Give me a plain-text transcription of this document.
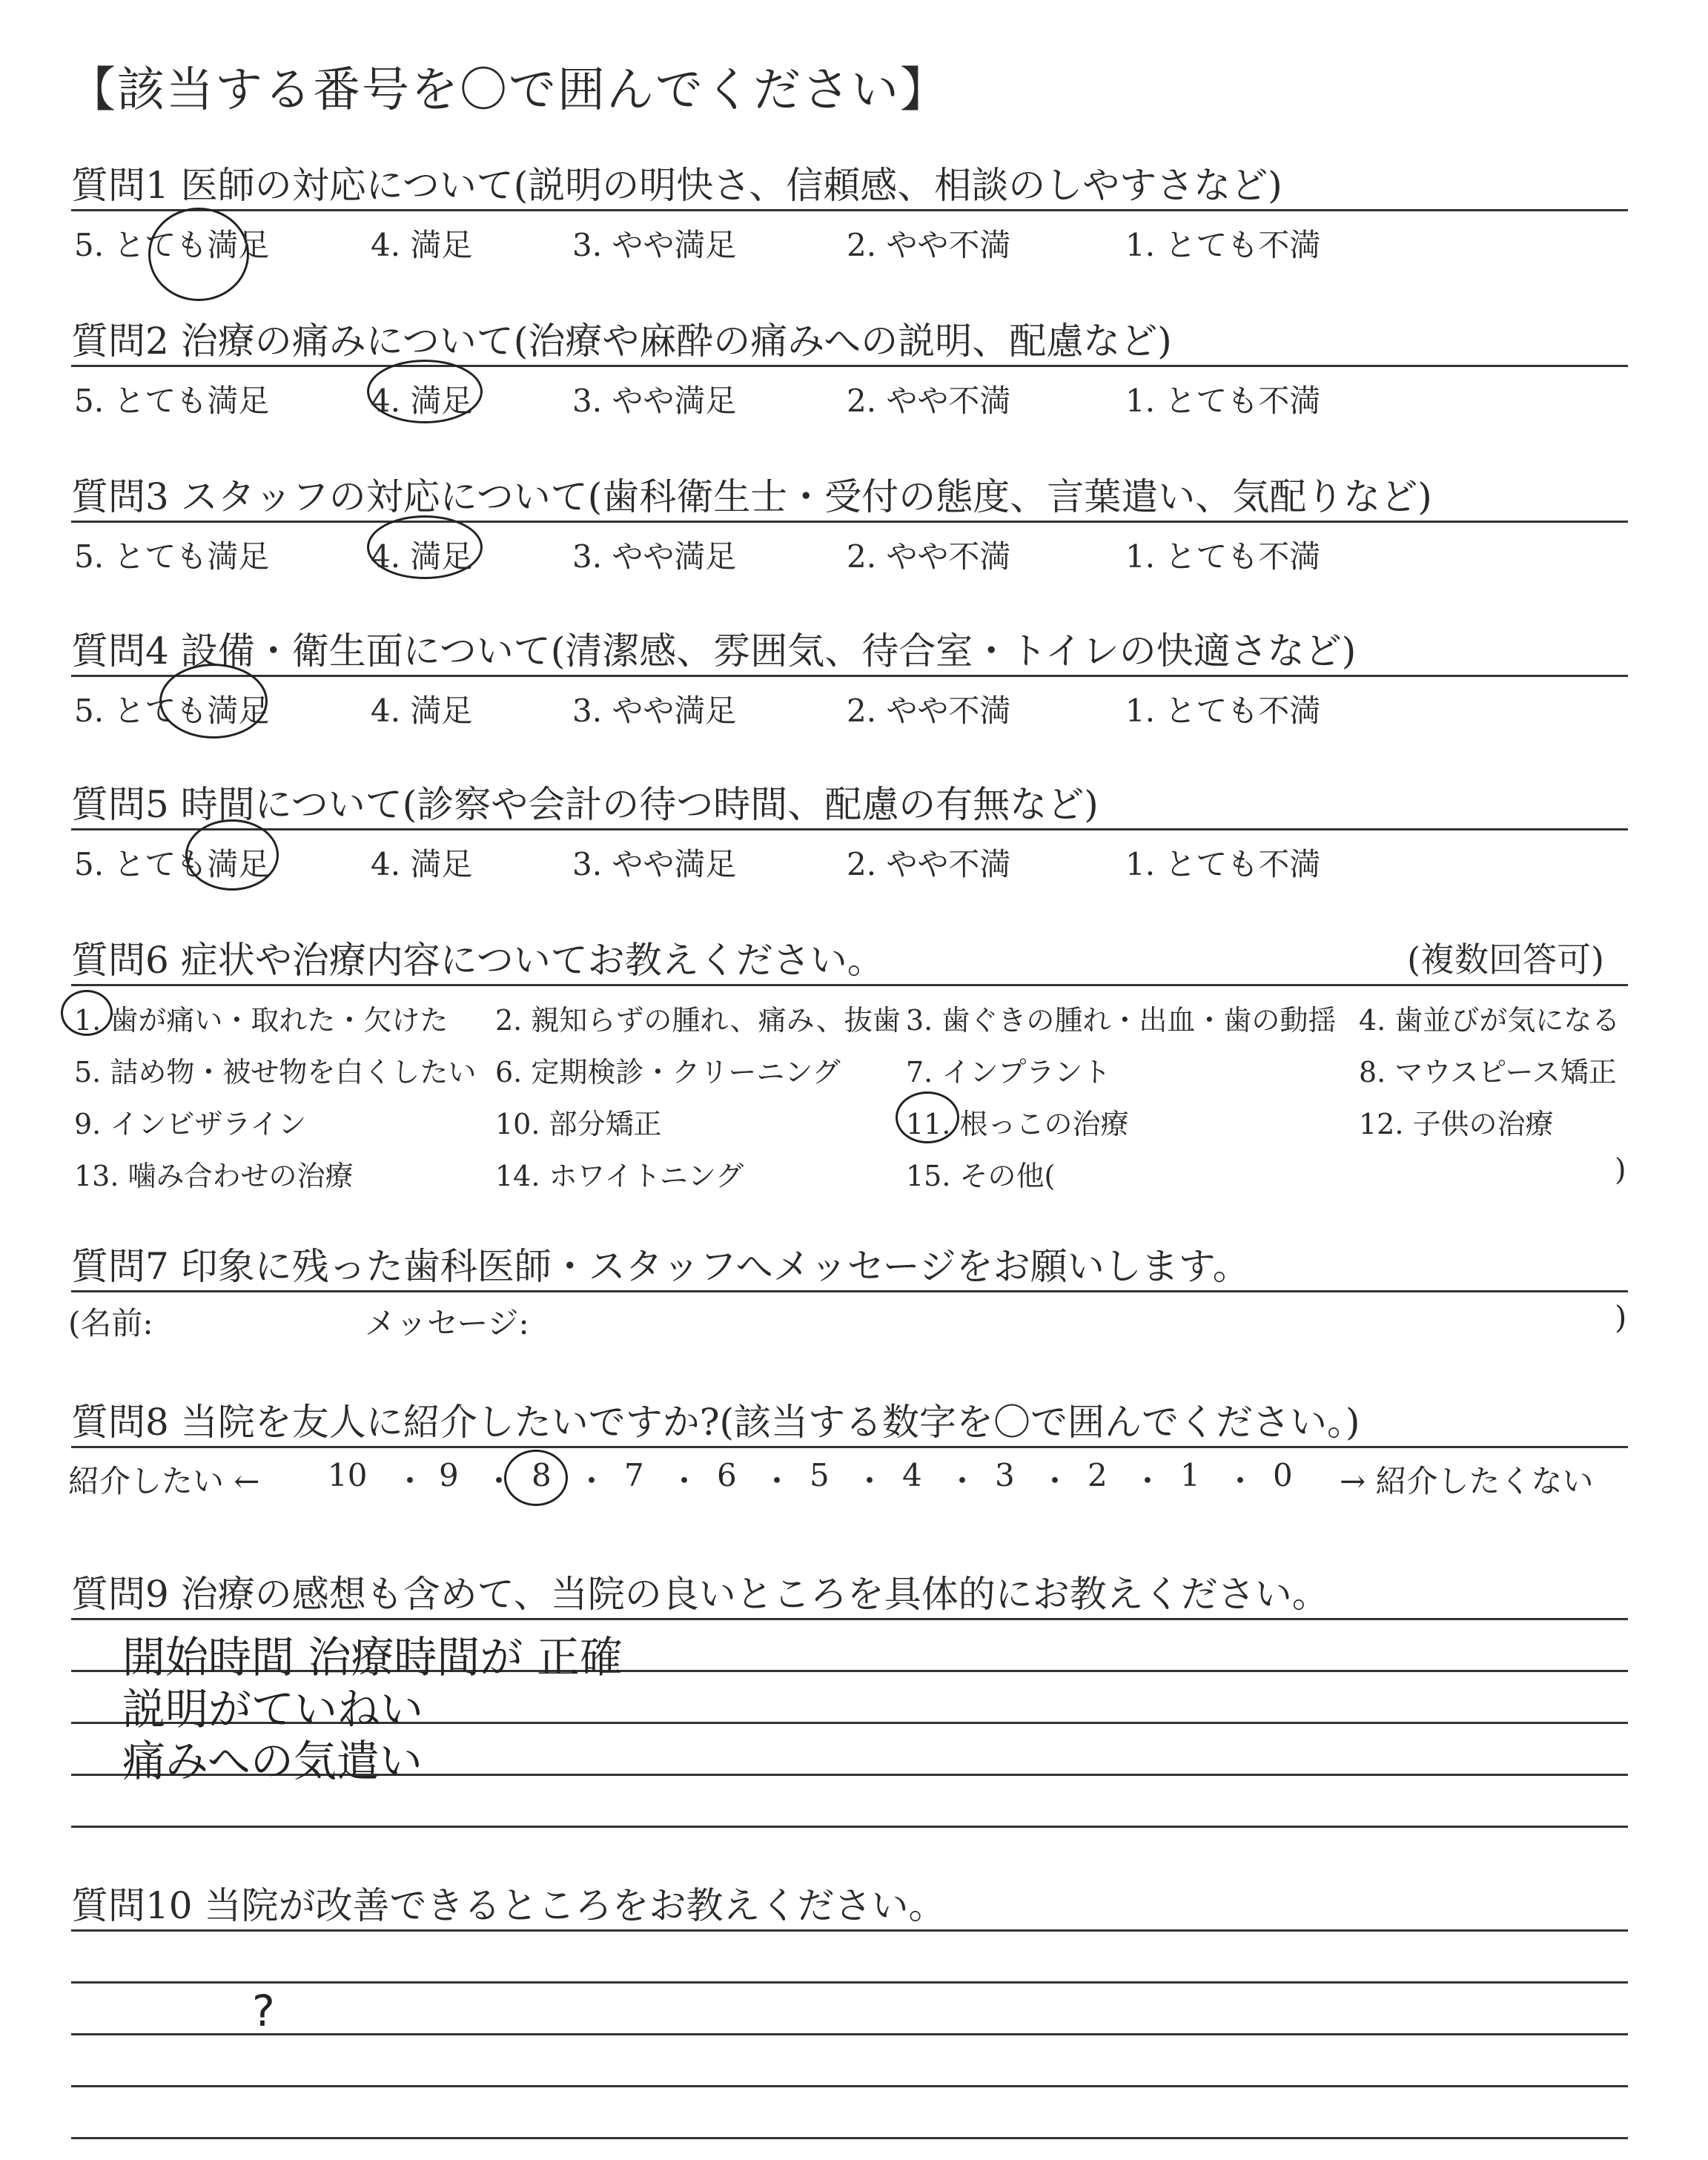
【該当する番号を〇で囲んでください】
質問1 医師の対応について(説明の明快さ、信頼感、相談のしやすさなど)
5. とても満足	4. 満足	3. やや満足	2. やや不満	1. とても不満
質問2 治療の痛みについて(治療や麻酔の痛みへの説明、配慮など)
5. とても満足	4. 満足	3. やや満足	2. やや不満	1. とても不満
質問3 スタッフの対応について(歯科衛生士・受付の態度、言葉遣い、気配りなど)
5. とても満足	4. 満足	3. やや満足	2. やや不満	1. とても不満
質問4 設備・衛生面について(清潔感、雰囲気、待合室・トイレの快適さなど)
5. とても満足	4. 満足	3. やや満足	2. やや不満	1. とても不満
質問5 時間について(診察や会計の待つ時間、配慮の有無など)
5. とても満足	4. 満足	3. やや満足	2. やや不満	1. とても不満
質問6 症状や治療内容についてお教えください。	(複数回答可)
1. 歯が痛い・取れた・欠けた 2. 親知らずの腫れ、痛み、抜歯 3. 歯ぐきの腫れ・出血・歯の動揺 4. 歯並びが気になる
5. 詰め物・被せ物を白くしたい 6. 定期検診・クリーニング 7. インプラント	8. マウスピース矯正
9. インビザライン	10. 部分矯正	11. 根っこの治療	12. 子供の治療
13. 噛み合わせの治療	14. ホワイトニング	15. その他(	)
質問7 印象に残った歯科医師・スタッフへメッセージをお願いします。
(名前:	メッセージ:	)
質問8 当院を友人に紹介したいですか?(該当する数字を〇で囲んでください。)
紹介したい ← 10 ・ 9 ・ 8 ・ 7 ・ 6 ・ 5 ・ 4 ・ 3 ・ 2 ・ 1 ・ 0 → 紹介したくない
質問9 治療の感想も含めて、当院の良いところを具体的にお教えください。
開始時間 治療時間が 正確
説明がていねい
痛みへの気遣い
質問10 当院が改善できるところをお教えください。
?
